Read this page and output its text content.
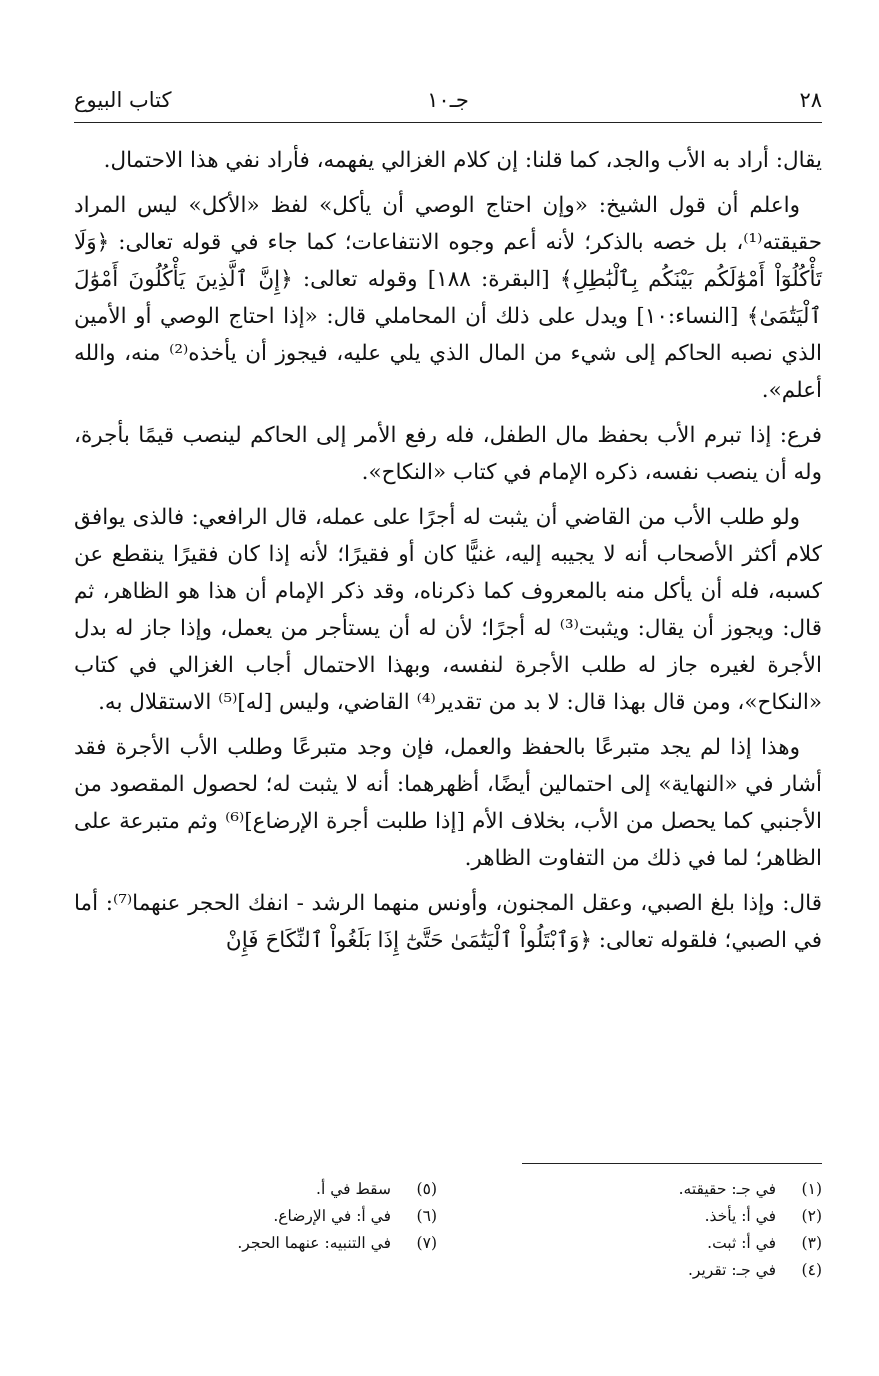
٢٨
جـ١٠
كتاب البيوع

يقال: أراد به الأب والجد، كما قلنا: إن كلام الغزالي يفهمه، فأراد نفي هذا الاحتمال.

واعلم أن قول الشيخ: «وإن احتاج الوصي أن يأكل» لفظ «الأكل» ليس المراد حقيقته⁽¹⁾، بل خصه بالذكر؛ لأنه أعم وجوه الانتفاعات؛ كما جاء في قوله تعالى: ﴿وَلَا تَأْكُلُوٓاْ أَمْوَٰلَكُم بَيْنَكُم بِٱلْبَٰطِلِ﴾ [البقرة: ١٨٨] وقوله تعالى: ﴿إِنَّ ٱلَّذِينَ يَأْكُلُونَ أَمْوَٰلَ ٱلْيَتَٰمَىٰ﴾ [النساء:١٠] ويدل على ذلك أن المحاملي قال: «إذا احتاج الوصي أو الأمين الذي نصبه الحاكم إلى شيء من المال الذي يلي عليه، فيجوز أن يأخذه⁽²⁾ منه، والله أعلم».

فرع: إذا تبرم الأب بحفظ مال الطفل، فله رفع الأمر إلى الحاكم لينصب قيمًا بأجرة، وله أن ينصب نفسه، ذكره الإمام في كتاب «النكاح».

ولو طلب الأب من القاضي أن يثبت له أجرًا على عمله، قال الرافعي: فالذى يوافق كلام أكثر الأصحاب أنه لا يجيبه إليه، غنيًّا كان أو فقيرًا؛ لأنه إذا كان فقيرًا ينقطع عن كسبه، فله أن يأكل منه بالمعروف كما ذكرناه، وقد ذكر الإمام أن هذا هو الظاهر، ثم قال: ويجوز أن يقال: ويثبت⁽³⁾ له أجرًا؛ لأن له أن يستأجر من يعمل، وإذا جاز له بدل الأجرة لغيره جاز له طلب الأجرة لنفسه، وبهذا الاحتمال أجاب الغزالي في كتاب «النكاح»، ومن قال بهذا قال: لا بد من تقدير⁽⁴⁾ القاضي، وليس [له]⁽⁵⁾ الاستقلال به.

وهذا إذا لم يجد متبرعًا بالحفظ والعمل، فإن وجد متبرعًا وطلب الأب الأجرة فقد أشار في «النهاية» إلى احتمالين أيضًا، أظهرهما: أنه لا يثبت له؛ لحصول المقصود من الأجنبي كما يحصل من الأب، بخلاف الأم [إذا طلبت أجرة الإرضاع]⁽⁶⁾ وثم متبرعة على الظاهر؛ لما في ذلك من التفاوت الظاهر.

قال: وإذا بلغ الصبي، وعقل المجنون، وأونس منهما الرشد - انفك الحجر عنهما⁽⁷⁾: أما في الصبي؛ فلقوله تعالى: ﴿وَٱبْتَلُواْ ٱلْيَتَٰمَىٰ حَتَّىٰٓ إِذَا بَلَغُواْ ٱلنِّكَاحَ فَإِنْ

(١)في جـ: حقيقته.
(٢)في أ: يأخذ.
(٣)في أ: ثبت.
(٤)في جـ: تقرير.
(٥)سقط في أ.
(٦)في أ: في الإرضاع.
(٧)في التنبيه: عنهما الحجر.
